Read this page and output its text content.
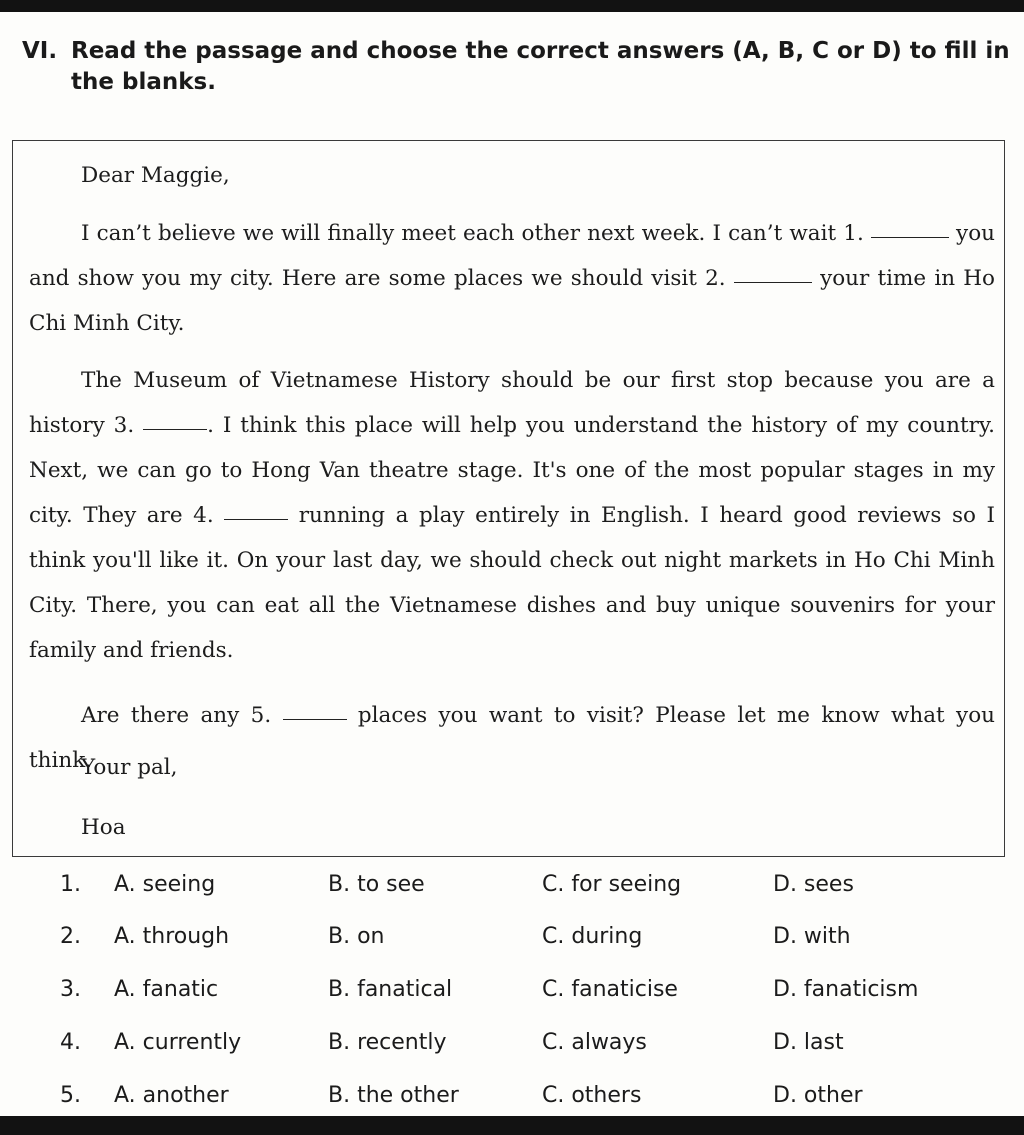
VI. Read the passage and choose the correct answers (A, B, C or D) to fill in the blanks.

Dear Maggie,

I can’t believe we will finally meet each other next week. I can’t wait 1.	you and show you my city. Here are some places we should visit 2.	your time in Ho Chi Minh City.

The Museum of Vietnamese History should be our first stop because you are a history 3.	. I think this place will help you understand the history of my country. Next, we can go to Hong Van theatre stage. It's one of the most popular stages in my city. They are 4.	running a play entirely in English. I heard good reviews so I think you'll like it. On your last day, we should check out night markets in Ho Chi Minh City. There, you can eat all the Vietnamese dishes and buy unique souvenirs for your family and friends.

Are there any 5.	places you want to visit? Please let me know what you think.

Your pal,

Hoa

1. A. seeing	B. to see	C. for seeing	D. sees
2. A. through	B. on	C. during	D. with
3. A. fanatic	B. fanatical	C. fanaticise	D. fanaticism
4. A. currently	B. recently	C. always	D. last
5. A. another	B. the other	C. others	D. other
